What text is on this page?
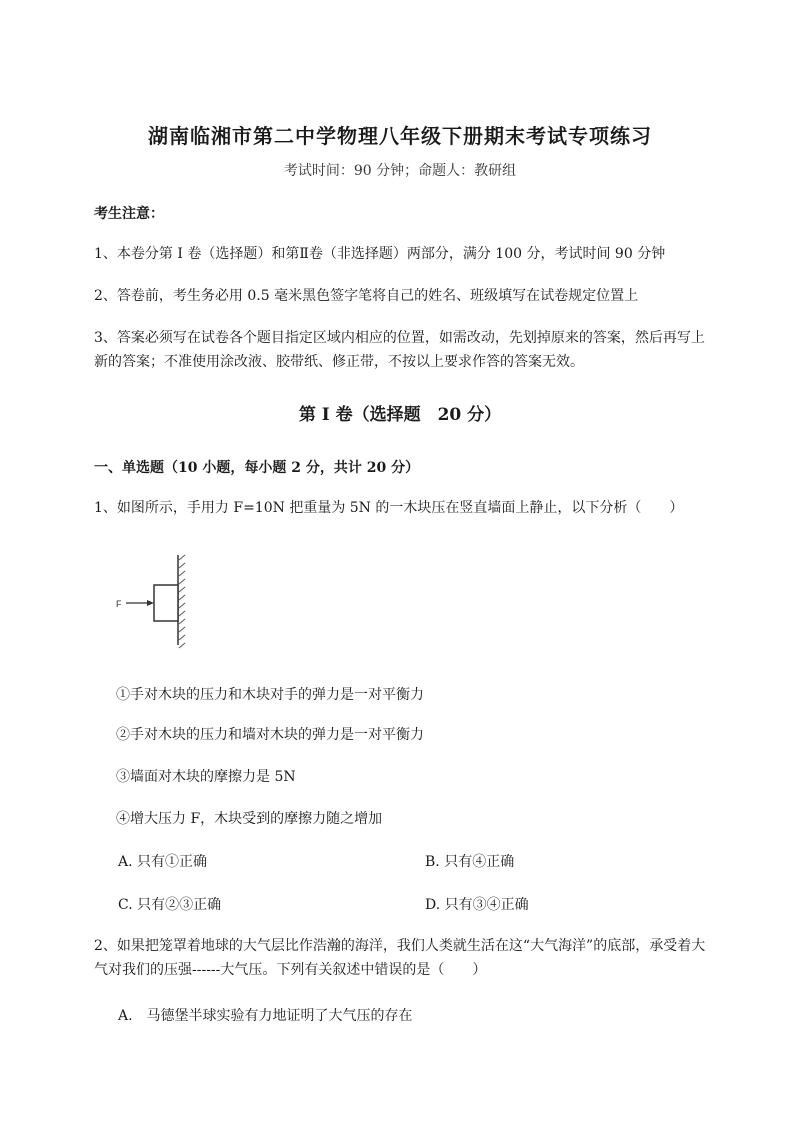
湖南临湘市第二中学物理八年级下册期末考试专项练习
考试时间：90 分钟；命题人：教研组
考生注意：
1、本卷分第 I 卷（选择题）和第Ⅱ卷（非选择题）两部分，满分 100 分，考试时间 90 分钟
2、答卷前，考生务必用 0.5 毫米黑色签字笔将自己的姓名、班级填写在试卷规定位置上
3、答案必须写在试卷各个题目指定区域内相应的位置，如需改动，先划掉原来的答案，然后再写上新的答案；不准使用涂改液、胶带纸、修正带，不按以上要求作答的答案无效。
第 I 卷（选择题　20 分）
一、单选题（10 小题，每小题 2 分，共计 20 分）
1、如图所示，手用力 F=10N 把重量为 5N 的一木块压在竖直墙面上静止，以下分析（　　）
F
①手对木块的压力和木块对手的弹力是一对平衡力
②手对木块的压力和墙对木块的弹力是一对平衡力
③墙面对木块的摩擦力是 5N
④增大压力 F，木块受到的摩擦力随之增加
A. 只有①正确	B. 只有④正确
C. 只有②③正确	D. 只有③④正确
2、如果把笼罩着地球的大气层比作浩瀚的海洋，我们人类就生活在这“大气海洋”的底部，承受着大气对我们的压强------大气压。下列有关叙述中错误的是（　　）
A.　马德堡半球实验有力地证明了大气压的存在
